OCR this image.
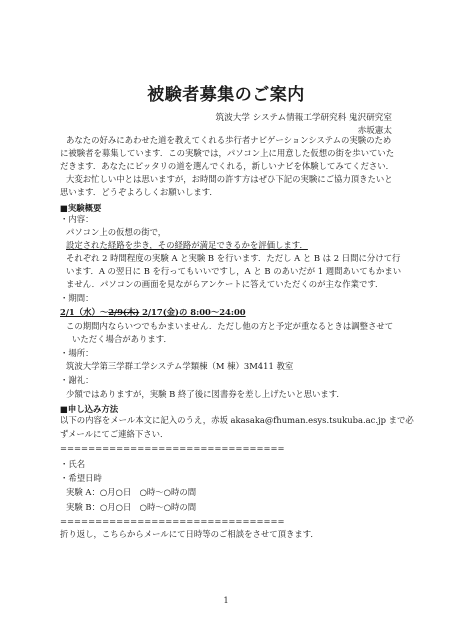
被験者募集のご案内
筑波大学 システム情報工学研究科 鬼沢研究室
赤坂憲太
あなたの好みにあわせた道を教えてくれる歩行者ナビゲーションシステムの実験のため
に被験者を募集しています．この実験では，パソコン上に用意した仮想の街を歩いていた
だきます．あなたにピッタリの道を選んでくれる，新しいナビを体験してみてください．
大変お忙しい中とは思いますが，お時間の許す方はぜひ下記の実験にご協力頂きたいと
思います．どうぞよろしくお願いします．
■実験概要
・内容：
パソコン上の仮想の街で，
設定された経路を歩き，その経路が満足できるかを評価します．
それぞれ 2 時間程度の実験 A と実験 B を行います．ただし A と B は 2 日間に分けて行
います．A の翌日に B を行ってもいいですし，A と B のあいだが 1 週間あいてもかまい
ません．パソコンの画面を見ながらアンケートに答えていただくのが主な作業です．
・期間：
2/1（水）～2/9(木) 2/17(金)の 8:00～24:00
この期間内ならいつでもかまいません．ただし他の方と予定が重なるときは調整させて
いただく場合があります．
・場所：
筑波大学第三学群工学システム学類棟（M 棟）3M411 教室
・謝礼：
少額ではありますが，実験 B 終了後に図書券を差し上げたいと思います．
■申し込み方法
以下の内容をメール本文に記入のうえ，赤坂 akasaka@fhuman.esys.tsukuba.ac.jp まで必
ずメールにてご連絡下さい．
================================
・氏名
・希望日時
実験 A：○月○日　○時～○時の間
実験 B：○月○日　○時～○時の間
================================
折り返し，こちらからメールにて日時等のご相談をさせて頂きます．
1
